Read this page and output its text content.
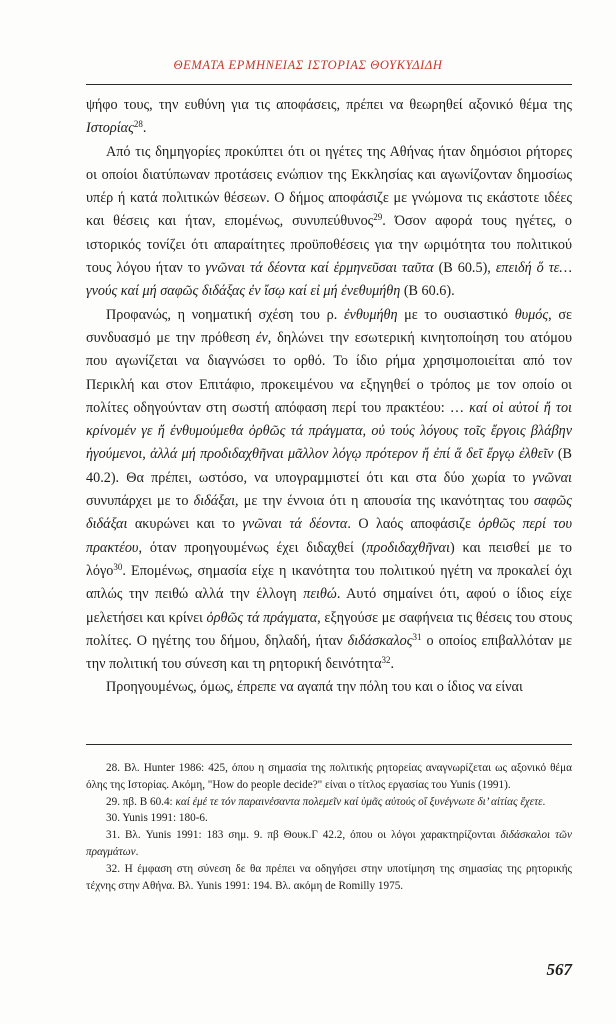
ΘΕΜΑΤΑ ΕΡΜΗΝΕΙΑΣ ΙΣΤΟΡΙΑΣ ΘΟΥΚΥΔΙΔΗ

ψήφο τους, την ευθύνη για τις αποφάσεις, πρέπει να θεωρηθεί αξονικό θέμα της Ιστορίας$^{28}$.

Από τις δημηγορίες προκύπτει ότι οι ηγέτες της Αθήνας ήταν δημόσιοι ρήτορες οι οποίοι διατύπωναν προτάσεις ενώπιον της Εκκλησίας και αγωνίζονταν δημοσίως υπέρ ή κατά πολιτικών θέσεων. Ο δήμος αποφάσιζε με γνώμονα τις εκάστοτε ιδέες και θέσεις και ήταν, επομένως, συνυπεύθυνος$^{29}$. Όσον αφορά τους ηγέτες, ο ιστορικός τονίζει ότι απαραίτητες προϋποθέσεις για την ωριμότητα του πολιτικού τους λόγου ήταν το γνῶναι τά δέοντα καί ἑρμηνεῦσαι ταῦτα (Β 60.5), επειδή ὅ τε… γνούς καί μή σαφῶς διδάξας ἐν ἴσῳ καί εἰ μή ἐνεθυμήθη (Β 60.6).

Προφανώς, η νοηματική σχέση του ρ. ἐνθυμήθη με το ουσιαστικό θυμός, σε συνδυασμό με την πρόθεση ἐν, δηλώνει την εσωτερική κινητοποίηση του ατόμου που αγωνίζεται να διαγνώσει το ορθό. Το ίδιο ρήμα χρησιμοποιείται από τον Περικλή και στον Επιτάφιο, προκειμένου να εξηγηθεί ο τρόπος με τον οποίο οι πολίτες οδηγούνταν στη σωστή απόφαση περί του πρακτέου: … καί οἱ αὐτοί ἤ τοι κρίνομέν γε ἤ ἐνθυμούμεθα ὀρθῶς τά πράγματα, οὐ τούς λόγους τοῖς ἔργοις βλάβην ἡγούμενοι, ἀλλά μή προδιδαχθῆναι μᾶλλον λόγῳ πρότερον ἤ ἐπί ἅ δεῖ ἔργῳ ἐλθεῖν (Β 40.2). Θα πρέπει, ωστόσο, να υπογραμμιστεί ότι και στα δύο χωρία το γνῶναι συνυπάρχει με το διδάξαι, με την έννοια ότι η απουσία της ικανότητας του σαφῶς διδάξαι ακυρώνει και το γνῶναι τά δέοντα. Ο λαός αποφάσιζε ὀρθῶς περί του πρακτέου, όταν προηγουμένως έχει διδαχθεί (προδιδαχθῆναι) και πεισθεί με το λόγο$^{30}$. Επομένως, σημασία είχε η ικανότητα του πολιτικού ηγέτη να προκαλεί όχι απλώς την πειθώ αλλά την έλλογη πειθώ. Αυτό σημαίνει ότι, αφού ο ίδιος είχε μελετήσει και κρίνει ὀρθῶς τά πράγματα, εξηγούσε με σαφήνεια τις θέσεις του στους πολίτες. Ο ηγέτης του δήμου, δηλαδή, ήταν διδάσκαλος$^{31}$ ο οποίος επιβαλλόταν με την πολιτική του σύνεση και τη ρητορική δεινότητα$^{32}$.

Προηγουμένως, όμως, έπρεπε να αγαπά την πόλη του και ο ίδιος να είναι

28. Βλ. Hunter 1986: 425, όπου η σημασία της πολιτικής ρητορείας αναγνωρίζεται ως αξονικό θέμα όλης της Ιστορίας. Ακόμη, "How do people decide?" είναι ο τίτλος εργασίας του Yunis (1991).

29. πβ. Β 60.4: καί ἐμέ τε τόν παραινέσαντα πολεμεῖν καί ὑμᾶς αὐτούς οἵ ξυνέγνωτε δι’ αἰτίας ἔχετε.

30. Yunis 1991: 180-6.

31. Βλ. Yunis 1991: 183 σημ. 9. πβ Θουκ.Γ 42.2, όπου οι λόγοι χαρακτηρίζονται διδάσκαλοι τῶν πραγμάτων.

32. Η έμφαση στη σύνεση δε θα πρέπει να οδηγήσει στην υποτίμηση της σημασίας της ρητορικής τέχνης στην Αθήνα. Βλ. Yunis 1991: 194. Βλ. ακόμη de Romilly 1975.

567
